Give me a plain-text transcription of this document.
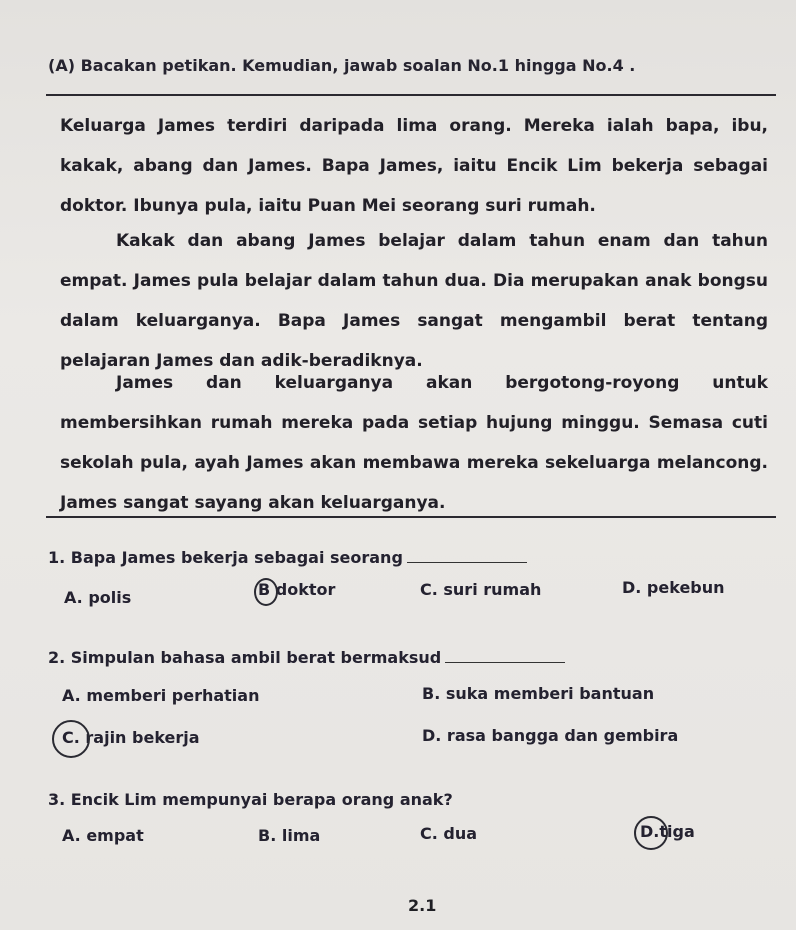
(A) Bacakan petikan. Kemudian, jawab soalan No.1 hingga No.4 .
Keluarga James terdiri daripada lima orang. Mereka ialah bapa, ibu, kakak, abang dan James. Bapa James, iaitu Encik Lim bekerja sebagai doktor. Ibunya pula, iaitu Puan Mei seorang suri rumah.
Kakak dan abang James belajar dalam tahun enam dan tahun empat. James pula belajar dalam tahun dua. Dia merupakan anak bongsu dalam keluarganya. Bapa James sangat mengambil berat tentang pelajaran James dan adik-beradiknya.
James dan keluarganya akan bergotong-royong untuk membersihkan rumah mereka pada setiap hujung minggu. Semasa cuti sekolah pula, ayah James akan membawa mereka sekeluarga melancong. James sangat sayang akan keluarganya.
1. Bapa James bekerja sebagai seorang
A. polis	B doktor	C. suri rumah	D. pekebun
2. Simpulan bahasa ambil berat bermaksud
A. memberi perhatian	B. suka memberi bantuan
C. rajin bekerja	D. rasa bangga dan gembira
3. Encik Lim mempunyai berapa orang anak?
A. empat	B. lima	C. dua	D.tiga
2.1
